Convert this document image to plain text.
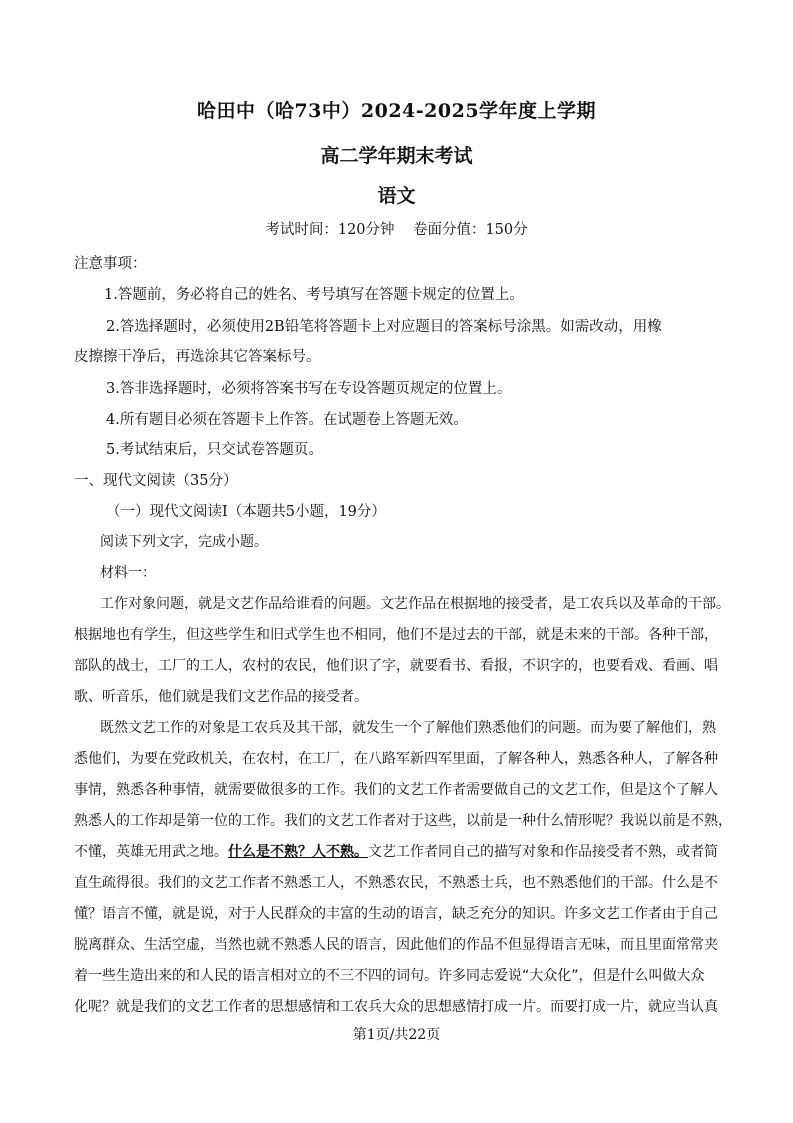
哈田中（哈73中）2024-2025学年度上学期
高二学年期末考试
语文
考试时间：120分钟    卷面分值：150分
注意事项：
1.答题前，务必将自己的姓名、考号填写在答题卡规定的位置上。
2.答选择题时，必须使用2B铅笔将答题卡上对应题目的答案标号涂黑。如需改动，用橡
皮擦擦干净后，再选涂其它答案标号。
3.答非选择题时，必须将答案书写在专设答题页规定的位置上。
4.所有题目必须在答题卡上作答。在试题卷上答题无效。
5.考试结束后，只交试卷答题页。
一、现代文阅读（35分）
（一）现代文阅读Ⅰ（本题共5小题，19分）
阅读下列文字，完成小题。
材料一：
工作对象问题，就是文艺作品给谁看的问题。文艺作品在根据地的接受者，是工农兵以及革命的干部。
根据地也有学生，但这些学生和旧式学生也不相同，他们不是过去的干部，就是未来的干部。各种干部，
部队的战士，工厂的工人，农村的农民，他们识了字，就要看书、看报，不识字的，也要看戏、看画、唱
歌、听音乐，他们就是我们文艺作品的接受者。
既然文艺工作的对象是工农兵及其干部，就发生一个了解他们熟悉他们的问题。而为要了解他们，熟
悉他们，为要在党政机关，在农村，在工厂，在八路军新四军里面，了解各种人，熟悉各种人，了解各种
事情，熟悉各种事情，就需要做很多的工作。我们的文艺工作者需要做自己的文艺工作，但是这个了解人
熟悉人的工作却是第一位的工作。我们的文艺工作者对于这些，以前是一种什么情形呢？我说以前是不熟，
不懂，英雄无用武之地。什么是不熟？人不熟。文艺工作者同自己的描写对象和作品接受者不熟，或者简
直生疏得很。我们的文艺工作者不熟悉工人，不熟悉农民，不熟悉士兵，也不熟悉他们的干部。什么是不
懂？语言不懂，就是说，对于人民群众的丰富的生动的语言，缺乏充分的知识。许多文艺工作者由于自己
脱离群众、生活空虚，当然也就不熟悉人民的语言，因此他们的作品不但显得语言无味，而且里面常常夹
着一些生造出来的和人民的语言相对立的不三不四的词句。许多同志爱说“大众化”，但是什么叫做大众
化呢？就是我们的文艺工作者的思想感情和工农兵大众的思想感情打成一片。而要打成一片，就应当认真
第1页/共22页
